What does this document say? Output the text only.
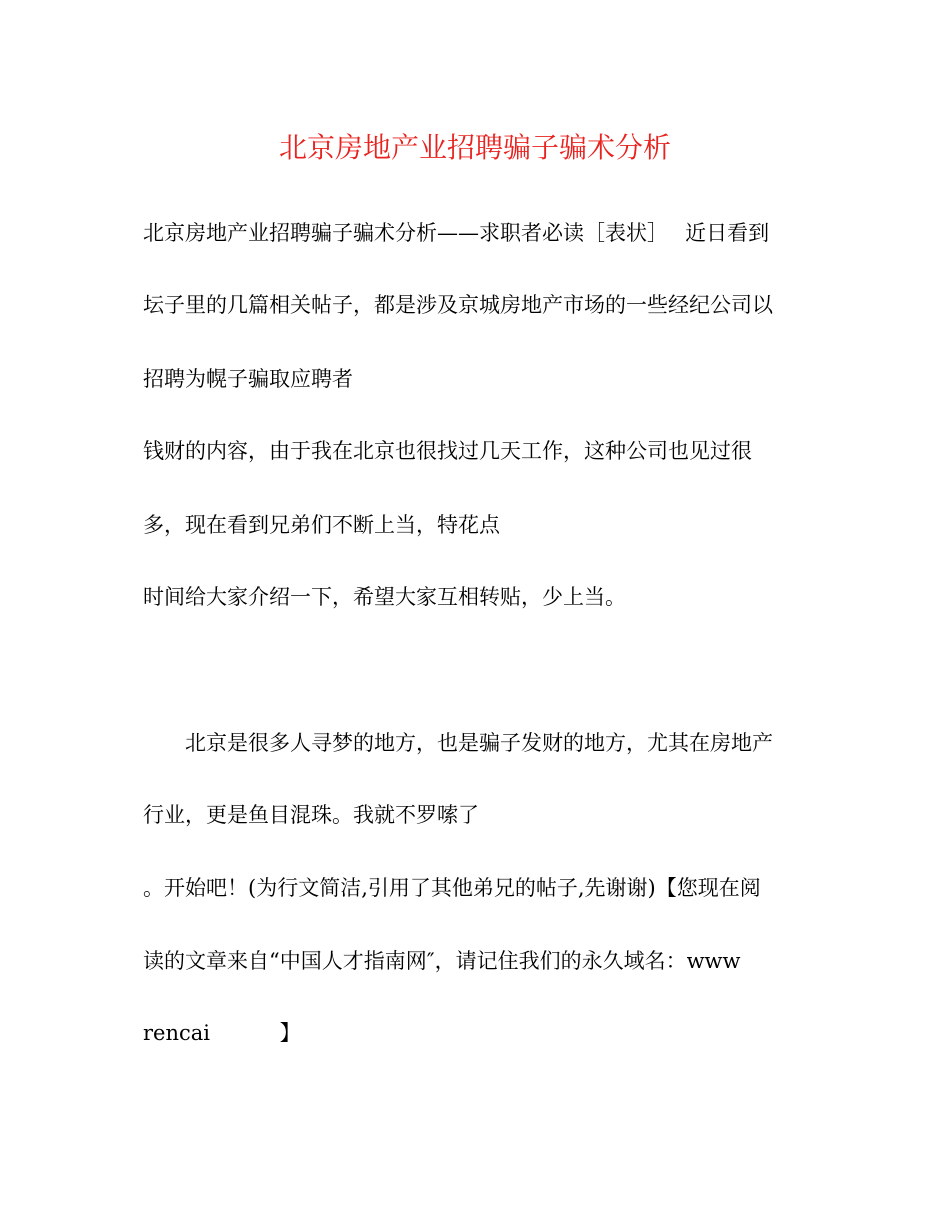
北京房地产业招聘骗子骗术分析
北京房地产业招聘骗子骗术分析——求职者必读［表状］　 近日看到
坛子里的几篇相关帖子，都是涉及京城房地产市场的一些经纪公司以
招聘为幌子骗取应聘者
钱财的内容，由于我在北京也很找过几天工作，这种公司也见过很
多，现在看到兄弟们不断上当，特花点
时间给大家介绍一下，希望大家互相转贴，少上当。
　　北京是很多人寻梦的地方，也是骗子发财的地方，尤其在房地产
行业，更是鱼目混珠。我就不罗嗦了
。开始吧！(为行文简洁,引用了其他弟兄的帖子,先谢谢)【您现在阅
读的文章来自“中国人才指南网″，请记住我们的永久域名：www
rencai　　　 】
